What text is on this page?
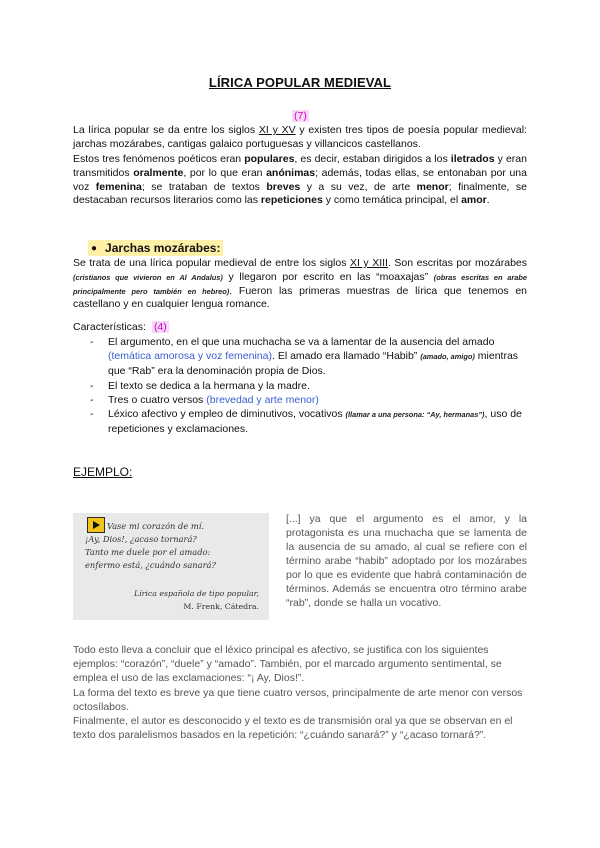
LÍRICA POPULAR MEDIEVAL
(7)

La lírica popular se da entre los siglos XI y XV y existen tres tipos de poesía popular medieval: jarchas mozárabes, cantigas galaico portuguesas y villancicos castellanos.

Estos tres fenómenos poéticos eran populares, es decir, estaban dirigidos a los iletrados y eran transmitidos oralmente, por lo que eran anónimas; además, todas ellas, se entonaban por una voz femenina; se trataban de textos breves y a su vez, de arte menor; finalmente, se destacaban recursos literarios como las repeticiones y como temática principal, el amor.

● Jarchas mozárabes:

Se trata de una lírica popular medieval de entre los siglos XI y XIII. Son escritas por mozárabes (cristianos que vivieron en Al Andalus) y llegaron por escrito en las “moaxajas” (obras escritas en arabe principalmente pero también en hebreo). Fueron las primeras muestras de lírica que tenemos en castellano y en cualquier lengua romance.

Características: (4)
- El argumento, en el que una muchacha se va a lamentar de la ausencia del amado (temática amorosa y voz femenina). El amado era llamado “Habib” (amado, amigo) mientras que “Rab” era la denominación propia de Dios.
- El texto se dedica a la hermana y la madre.
- Tres o cuatro versos (brevedad y arte menor)
- Léxico afectivo y empleo de diminutivos, vocativos (llamar a una persona: “Ay, hermanas”), uso de repeticiones y exclamaciones.
EJEMPLO:
Vase mi corazón de mí.
¡Ay, Dios!, ¿acaso tornará?
Tanto me duele por el amado:
enfermo está, ¿cuándo sanará?
Lírica española de tipo popular,
M. Frenk, Cátedra.

[...] ya que el argumento es el amor, y la protagonista es una muchacha que se lamenta de la ausencia de su amado, al cual se refiere con el término arabe “habib” adoptado por los mozárabes por lo que es evidente que habrá contaminación de términos. Además se encuentra otro término arabe “rab”, donde se halla un vocativo.

Todo esto lleva a concluir que el léxico principal es afectivo, se justifica con los siguientes ejemplos: “corazón”, “duele” y “amado”. También, por el marcado argumento sentimental, se emplea el uso de las exclamaciones: “¡ Ay, Dios!”.

La forma del texto es breve ya que tiene cuatro versos, principalmente de arte menor con versos octosílabos.

Finalmente, el autor es desconocido y el texto es de transmisión oral ya que se observan en el texto dos paralelismos basados en la repetición: “¿cuándo sanará?” y “¿acaso tornará?”.
